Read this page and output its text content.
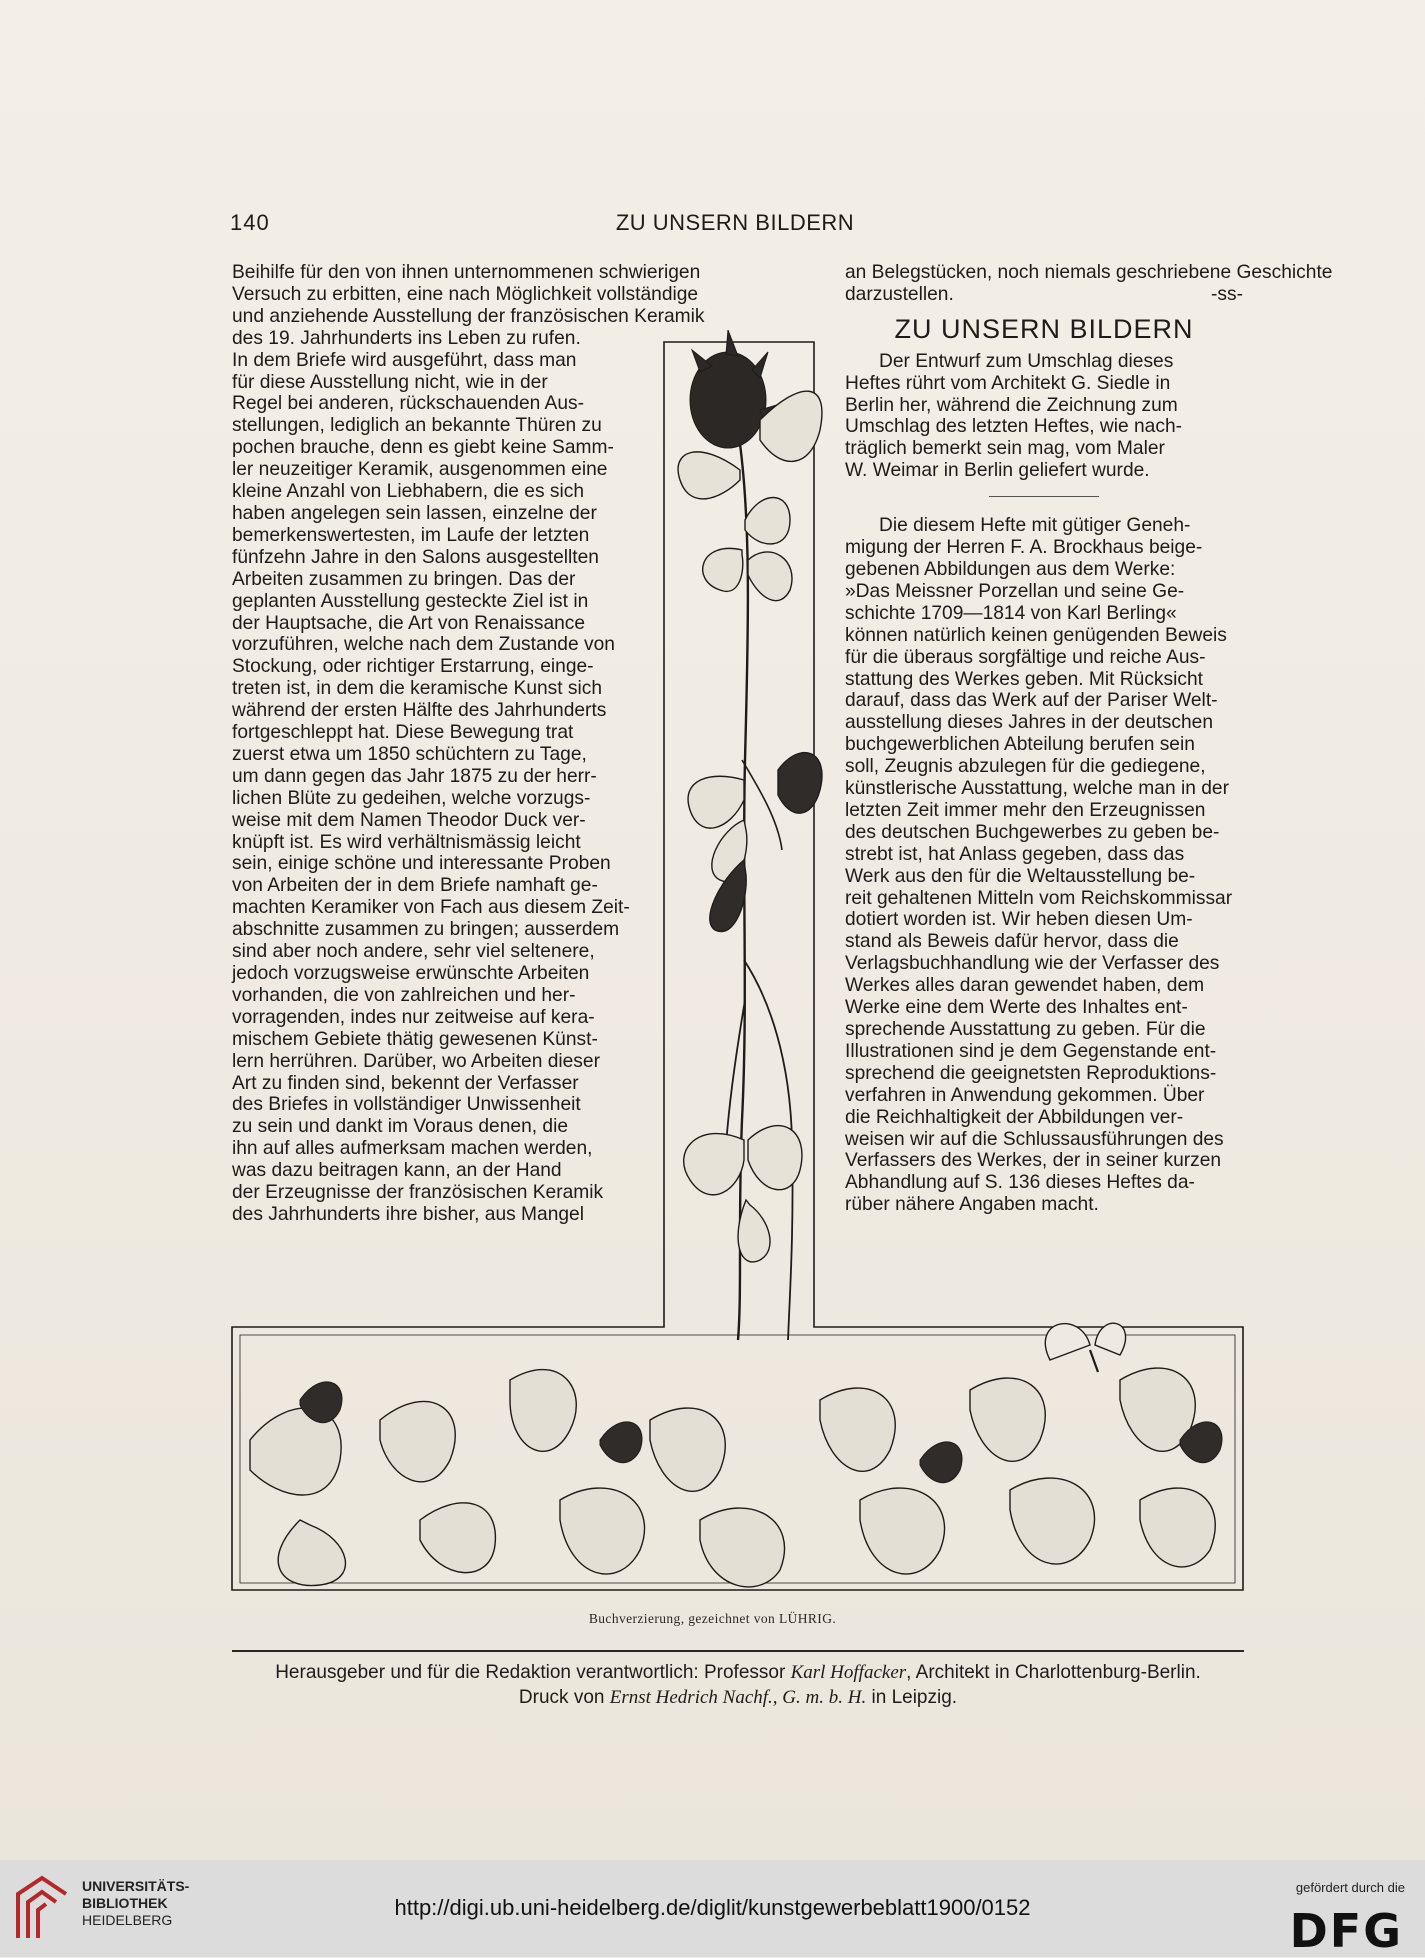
140	ZU UNSERN BILDERN
Beihilfe für den von ihnen unternommenen schwierigen
Versuch zu erbitten, eine nach Möglichkeit vollständige
und anziehende Ausstellung der französischen Keramik
des 19. Jahrhunderts ins Leben zu rufen.
In dem Briefe wird ausgeführt, dass man
für diese Ausstellung nicht, wie in der
Regel bei anderen, rückschauenden Aus-
stellungen, lediglich an bekannte Thüren zu
pochen brauche, denn es giebt keine Samm-
ler neuzeitiger Keramik, ausgenommen eine
kleine Anzahl von Liebhabern, die es sich
haben angelegen sein lassen, einzelne der
bemerkenswertesten, im Laufe der letzten
fünfzehn Jahre in den Salons ausgestellten
Arbeiten zusammen zu bringen. Das der
geplanten Ausstellung gesteckte Ziel ist in
der Hauptsache, die Art von Renaissance
vorzuführen, welche nach dem Zustande von
Stockung, oder richtiger Erstarrung, einge-
treten ist, in dem die keramische Kunst sich
während der ersten Hälfte des Jahrhunderts
fortgeschleppt hat. Diese Bewegung trat
zuerst etwa um 1850 schüchtern zu Tage,
um dann gegen das Jahr 1875 zu der herr-
lichen Blüte zu gedeihen, welche vorzugs-
weise mit dem Namen Theodor Duck ver-
knüpft ist. Es wird verhältnismässig leicht
sein, einige schöne und interessante Proben
von Arbeiten der in dem Briefe namhaft ge-
machten Keramiker von Fach aus diesem Zeit-
abschnitte zusammen zu bringen; ausserdem
sind aber noch andere, sehr viel seltenere,
jedoch vorzugsweise erwünschte Arbeiten
vorhanden, die von zahlreichen und her-
vorragenden, indes nur zeitweise auf kera-
mischem Gebiete thätig gewesenen Künst-
lern herrühren. Darüber, wo Arbeiten dieser
Art zu finden sind, bekennt der Verfasser
des Briefes in vollständiger Unwissenheit
zu sein und dankt im Voraus denen, die
ihn auf alles aufmerksam machen werden,
was dazu beitragen kann, an der Hand
der Erzeugnisse der französischen Keramik
des Jahrhunderts ihre bisher, aus Mangel
an Belegstücken, noch niemals geschriebene Geschichte
darzustellen.	-ss-
ZU UNSERN BILDERN
Der Entwurf zum Umschlag dieses
Heftes rührt vom Architekt G. Siedle in
Berlin her, während die Zeichnung zum
Umschlag des letzten Heftes, wie nach-
träglich bemerkt sein mag, vom Maler
W. Weimar in Berlin geliefert wurde.
Die diesem Hefte mit gütiger Geneh-
migung der Herren F. A. Brockhaus beige-
gebenen Abbildungen aus dem Werke:
»Das Meissner Porzellan und seine Ge-
schichte 1709—1814 von Karl Berling«
können natürlich keinen genügenden Beweis
für die überaus sorgfältige und reiche Aus-
stattung des Werkes geben. Mit Rücksicht
darauf, dass das Werk auf der Pariser Welt-
ausstellung dieses Jahres in der deutschen
buchgewerblichen Abteilung berufen sein
soll, Zeugnis abzulegen für die gediegene,
künstlerische Ausstattung, welche man in der
letzten Zeit immer mehr den Erzeugnissen
des deutschen Buchgewerbes zu geben be-
strebt ist, hat Anlass gegeben, dass das
Werk aus den für die Weltausstellung be-
reit gehaltenen Mitteln vom Reichskommissar
dotiert worden ist. Wir heben diesen Um-
stand als Beweis dafür hervor, dass die
Verlagsbuchhandlung wie der Verfasser des
Werkes alles daran gewendet haben, dem
Werke eine dem Werte des Inhaltes ent-
sprechende Ausstattung zu geben. Für die
Illustrationen sind je dem Gegenstande ent-
sprechend die geeignetsten Reproduktions-
verfahren in Anwendung gekommen. Über
die Reichhaltigkeit der Abbildungen ver-
weisen wir auf die Schlussausführungen des
Verfassers des Werkes, der in seiner kurzen
Abhandlung auf S. 136 dieses Heftes da-
rüber nähere Angaben macht.
Buchverzierung, gezeichnet von LÜHRIG.
Herausgeber und für die Redaktion verantwortlich: Professor Karl Hoffacker, Architekt in Charlottenburg-Berlin.
Druck von Ernst Hedrich Nachf., G. m. b. H. in Leipzig.
UNIVERSITÄTS-
BIBLIOTHEK
HEIDELBERG	http://digi.ub.uni-heidelberg.de/diglit/kunstgewerbeblatt1900/0152
gefördert durch die
DFG
